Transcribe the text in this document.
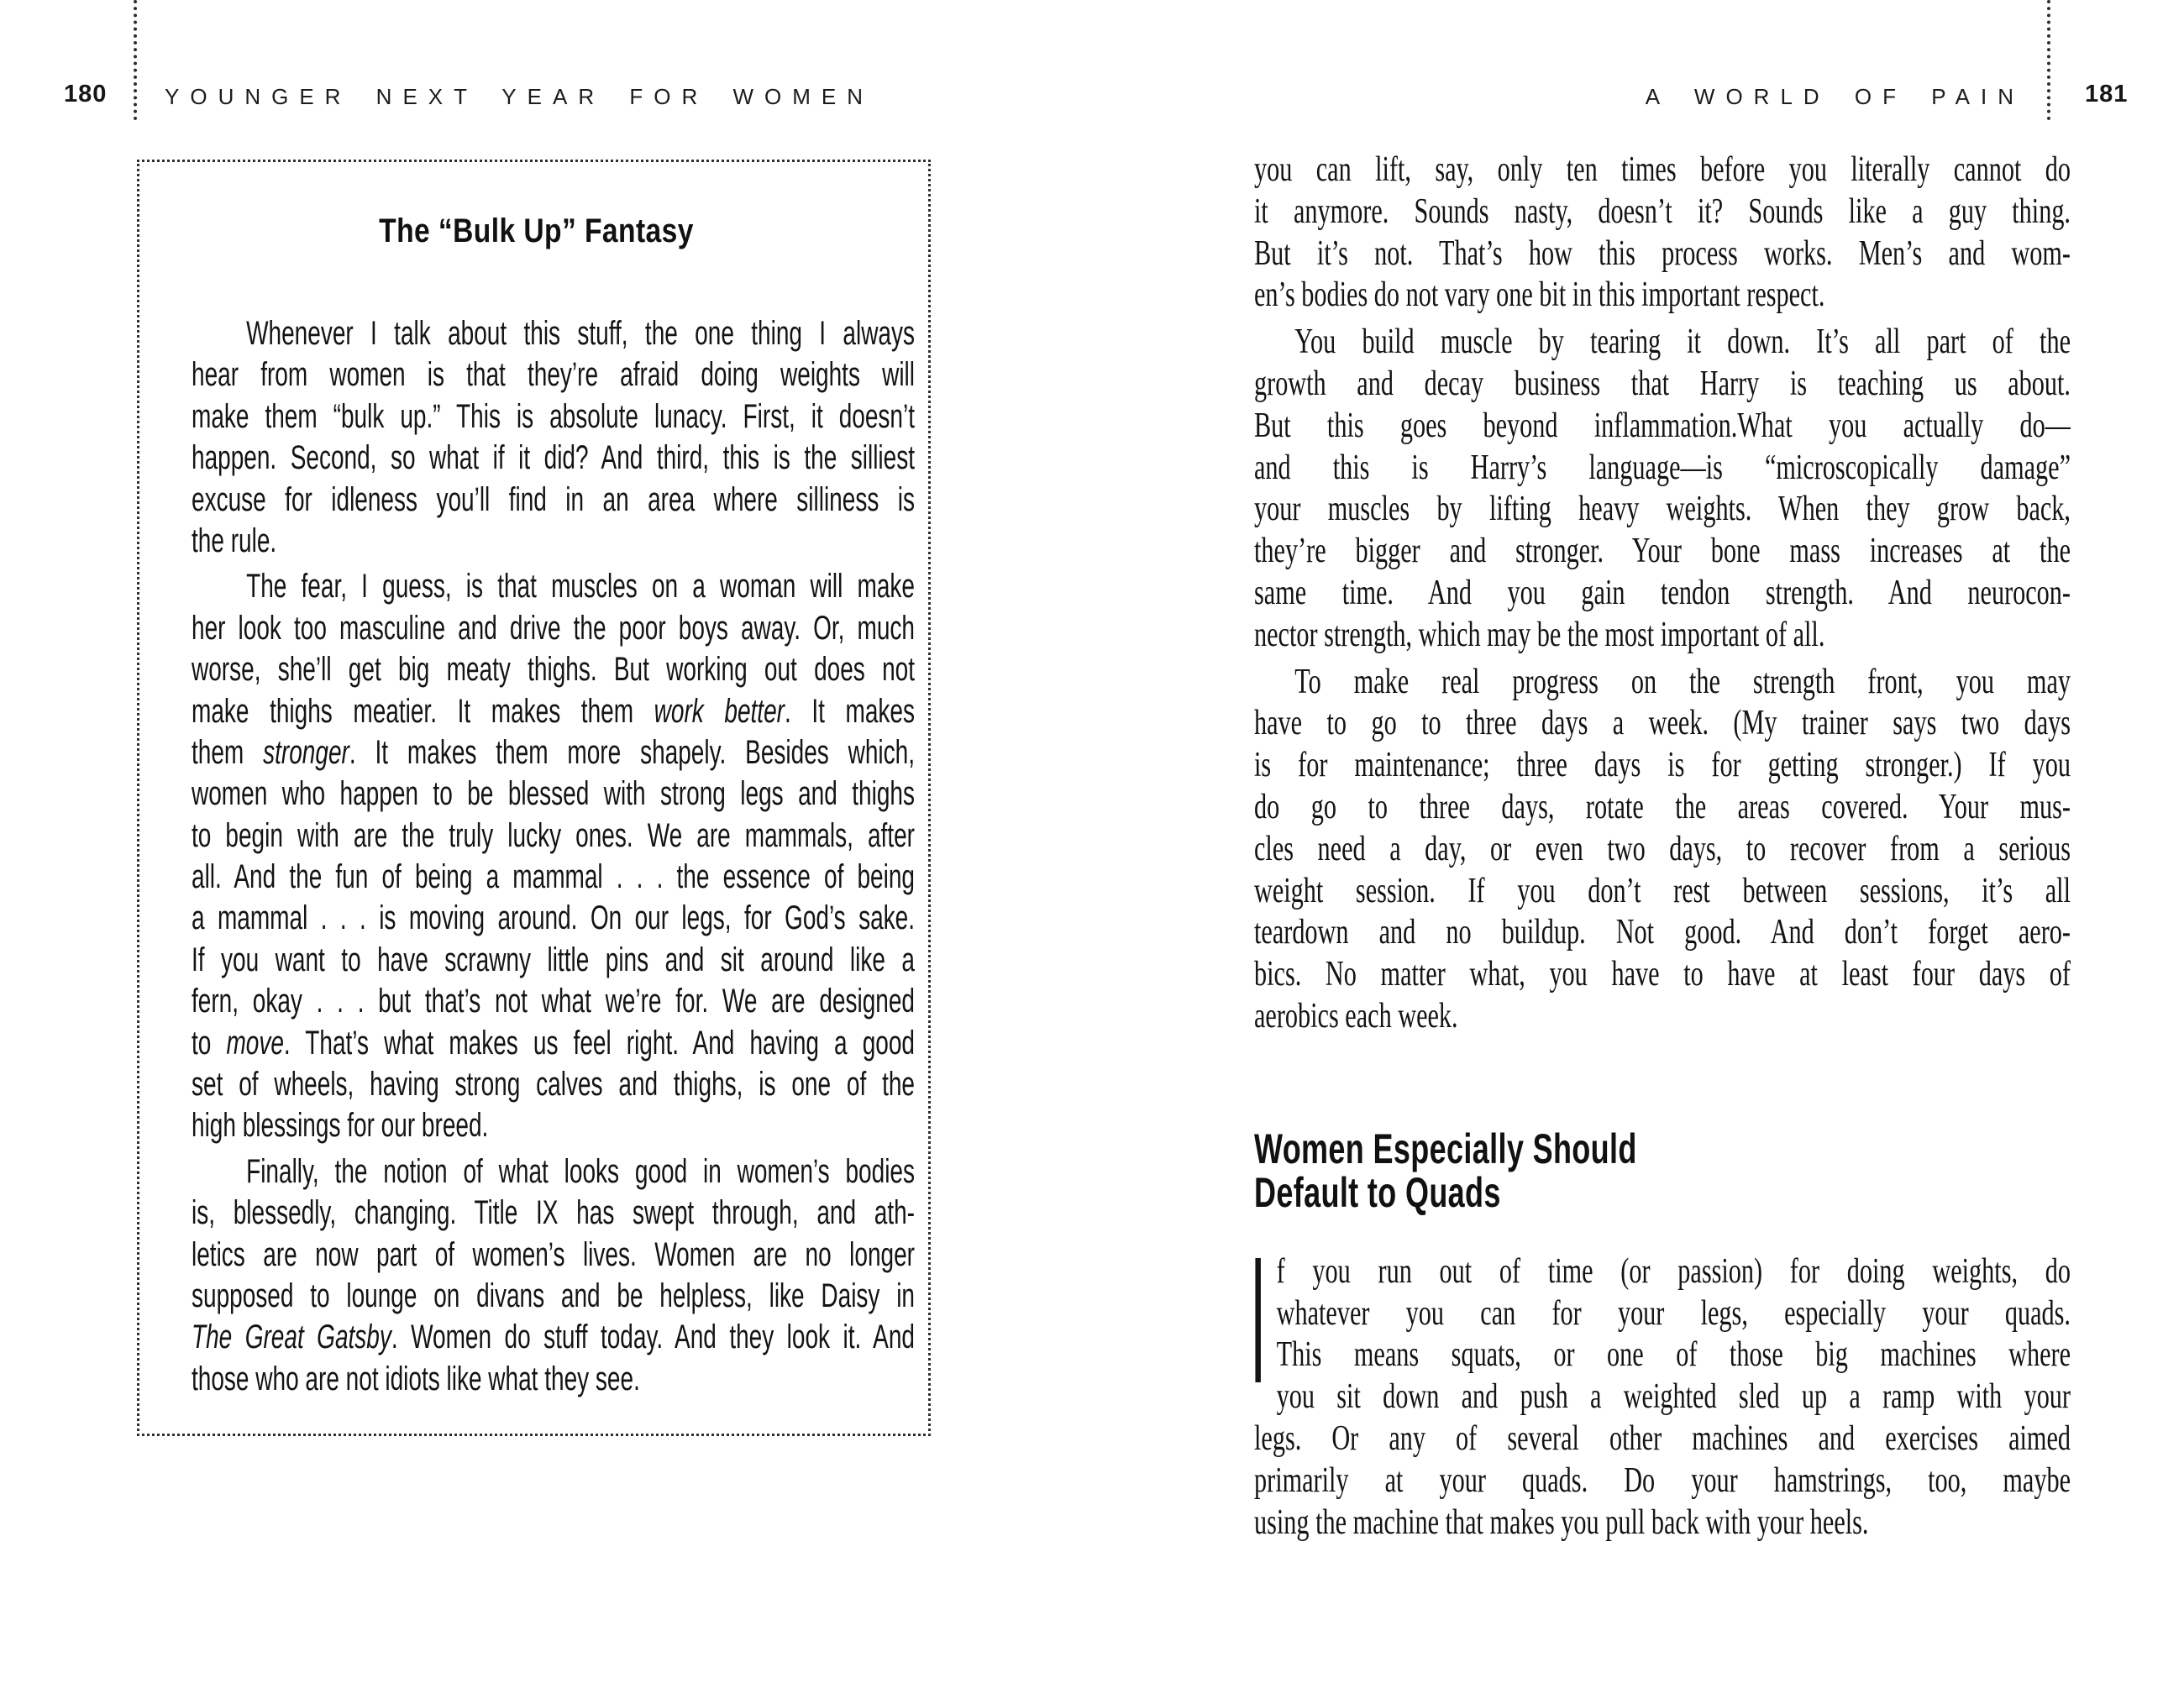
180	YOUNGER NEXT YEAR FOR WOMEN	A WORLD OF PAIN 181
The “Bulk Up” Fantasy
Whenever I talk about this stuff, the one thing I always
hear from women is that they’re afraid doing weights will
make them “bulk up.” This is absolute lunacy. First, it doesn’t
happen. Second, so what if it did? And third, this is the silliest
excuse for idleness you’ll find in an area where silliness is
the rule.
The fear, I guess, is that muscles on a woman will make
her look too masculine and drive the poor boys away. Or, much
worse, she’ll get big meaty thighs. But working out does not
make thighs meatier. It makes them work better. It makes
them stronger. It makes them more shapely. Besides which,
women who happen to be blessed with strong legs and thighs
to begin with are the truly lucky ones. We are mammals, after
all. And the fun of being a mammal . . . the essence of being
a mammal . . . is moving around. On our legs, for God’s sake.
If you want to have scrawny little pins and sit around like a
fern, okay . . . but that’s not what we’re for. We are designed
to move. That’s what makes us feel right. And having a good
set of wheels, having strong calves and thighs, is one of the
high blessings for our breed.
Finally, the notion of what looks good in women’s bodies
is, blessedly, changing. Title IX has swept through, and ath-
letics are now part of women’s lives. Women are no longer
supposed to lounge on divans and be helpless, like Daisy in
The Great Gatsby. Women do stuff today. And they look it. And
those who are not idiots like what they see.
you can lift, say, only ten times before you literally cannot do
it anymore. Sounds nasty, doesn’t it? Sounds like a guy thing.
But it’s not. That’s how this process works. Men’s and wom-
en’s bodies do not vary one bit in this important respect.
You build muscle by tearing it down. It’s all part of the
growth and decay business that Harry is teaching us about.
But this goes beyond inflammation.What you actually do—
and this is Harry’s language—is “microscopically damage”
your muscles by lifting heavy weights. When they grow back,
they’re bigger and stronger. Your bone mass increases at the
same time. And you gain tendon strength. And neurocon-
nector strength, which may be the most important of all.
To make real progress on the strength front, you may
have to go to three days a week. (My trainer says two days
is for maintenance; three days is for getting stronger.) If you
do go to three days, rotate the areas covered. Your mus-
cles need a day, or even two days, to recover from a serious
weight session. If you don’t rest between sessions, it’s all
teardown and no buildup. Not good. And don’t forget aero-
bics. No matter what, you have to have at least four days of
aerobics each week.
Women Especially Should
Default to Quads
f you run out of time (or passion) for doing weights, do
whatever you can for your legs, especially your quads.
This means squats, or one of those big machines where
you sit down and push a weighted sled up a ramp with your
legs. Or any of several other machines and exercises aimed
primarily at your quads. Do your hamstrings, too, maybe
using the machine that makes you pull back with your heels.
